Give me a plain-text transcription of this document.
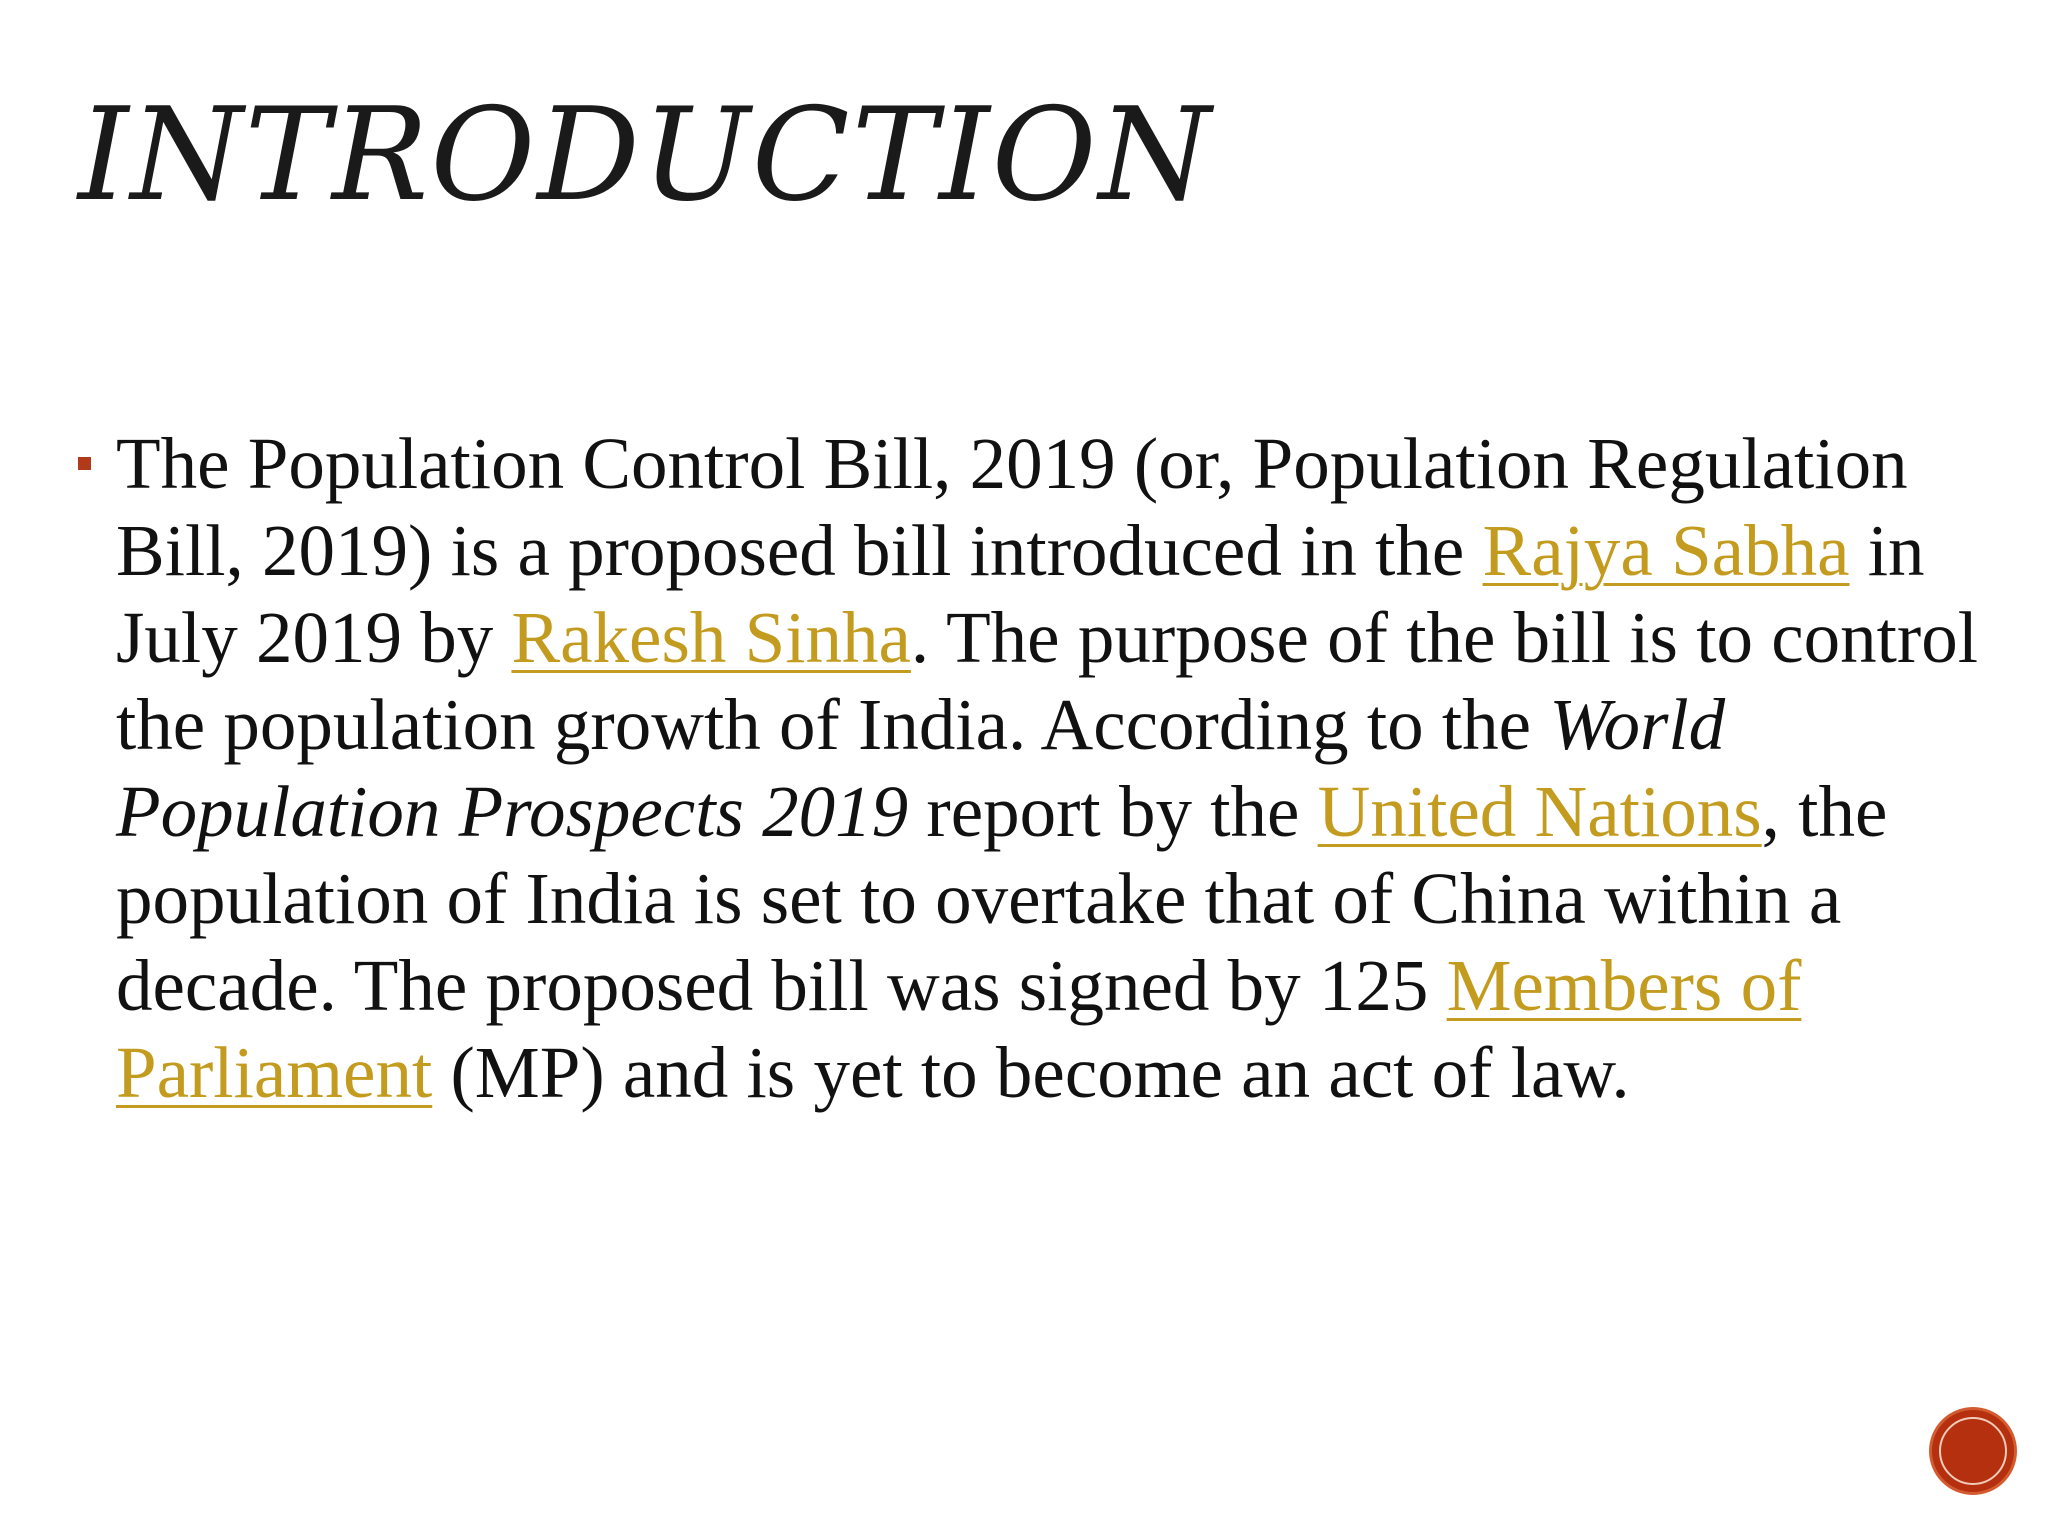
INTRODUCTION
The Population Control Bill, 2019 (or, Population Regulation Bill, 2019) is a proposed bill introduced in the Rajya Sabha in July 2019 by Rakesh Sinha. The purpose of the bill is to control the population growth of India. According to the World Population Prospects 2019 report by the United Nations, the population of India is set to overtake that of China within a decade. The proposed bill was signed by 125 Members of Parliament (MP) and is yet to become an act of law.
